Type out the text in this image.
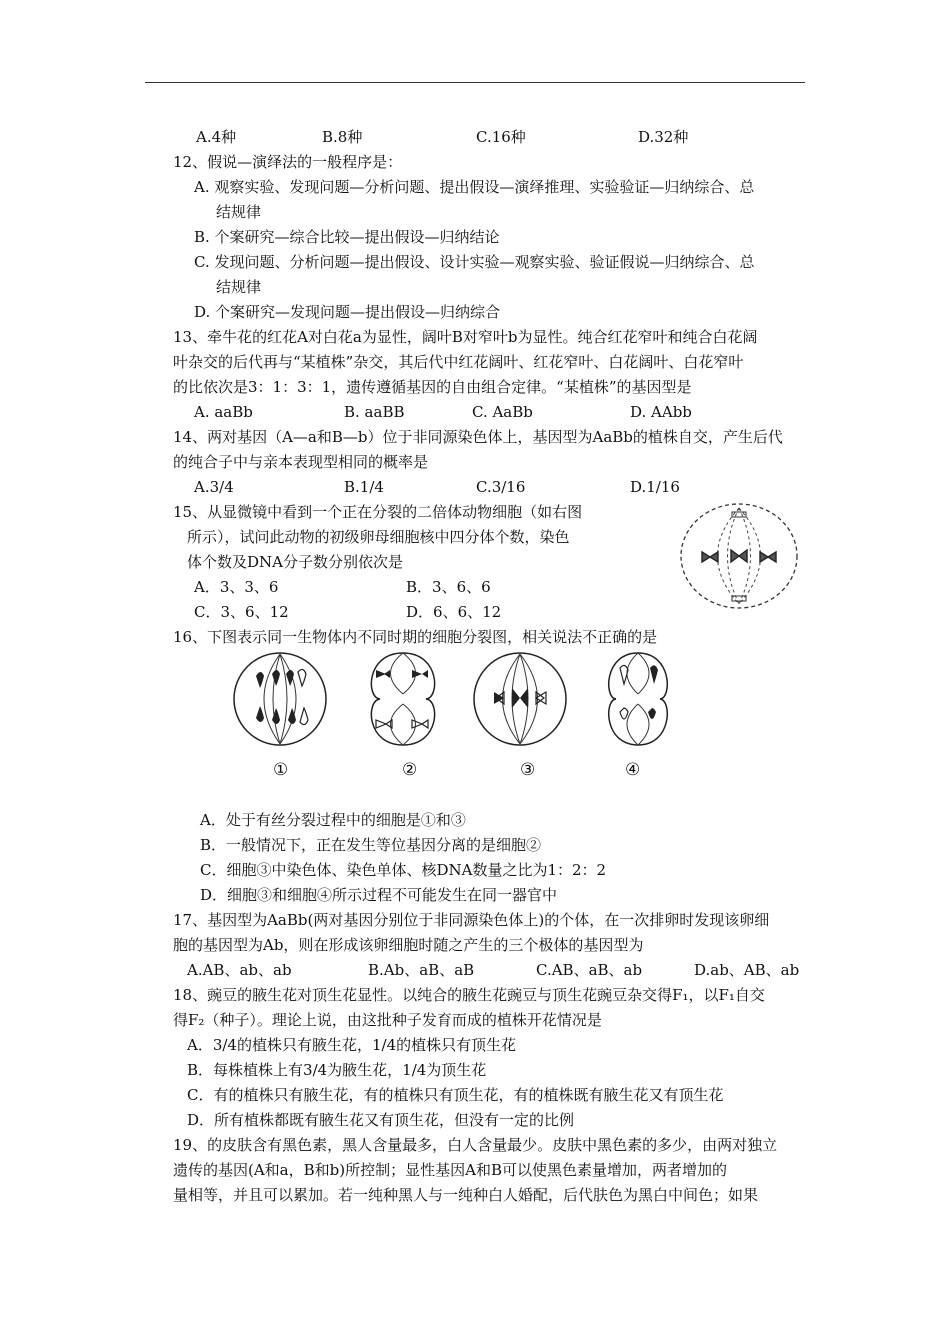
A.4种	B.8种	C.16种	D.32种
12、假说—演绎法的一般程序是：
A. 观察实验、发现问题—分析问题、提出假设—演绎推理、实验验证—归纳综合、总
结规律
B. 个案研究—综合比较—提出假设—归纳结论
C. 发现问题、分析问题—提出假设、设计实验—观察实验、验证假说—归纳综合、总
结规律
D. 个案研究—发现问题—提出假设—归纳综合
13、牵牛花的红花A对白花a为显性，阔叶B对窄叶b为显性。纯合红花窄叶和纯合白花阔
叶杂交的后代再与“某植株”杂交，其后代中红花阔叶、红花窄叶、白花阔叶、白花窄叶
的比依次是3：1：3：1，遗传遵循基因的自由组合定律。“某植株”的基因型是
A. aaBb	B. aaBB	C. AaBb	D. AAbb
14、两对基因（A—a和B—b）位于非同源染色体上，基因型为AaBb的植株自交，产生后代
的纯合子中与亲本表现型相同的概率是
A.3/4	B.1/4	C.3/16	D.1/16
15、从显微镜中看到一个正在分裂的二倍体动物细胞（如右图
所示），试问此动物的初级卵母细胞核中四分体个数，染色
体个数及DNA分子数分别依次是
A．3、3、6	B．3、6、6
C．3、6、12	D．6、6、12
16、下图表示同一生物体内不同时期的细胞分裂图，相关说法不正确的是
①	②	③	④
A．处于有丝分裂过程中的细胞是①和③
B．一般情况下，正在发生等位基因分离的是细胞②
C．细胞③中染色体、染色单体、核DNA数量之比为1：2：2
D．细胞③和细胞④所示过程不可能发生在同一器官中
17、基因型为AaBb(两对基因分别位于非同源染色体上)的个体，在一次排卵时发现该卵细
胞的基因型为Ab，则在形成该卵细胞时随之产生的三个极体的基因型为
A.AB、ab、ab	B.Ab、aB、aB	C.AB、aB、ab	D.ab、AB、ab
18、豌豆的腋生花对顶生花显性。以纯合的腋生花豌豆与顶生花豌豆杂交得F₁，以F₁自交
得F₂（种子）。理论上说，由这批种子发育而成的植株开花情况是
A．3/4的植株只有腋生花，1/4的植株只有顶生花
B．每株植株上有3/4为腋生花，1/4为顶生花
C．有的植株只有腋生花，有的植株只有顶生花，有的植株既有腋生花又有顶生花
D．所有植株都既有腋生花又有顶生花，但没有一定的比例
19、的皮肤含有黑色素，黑人含量最多，白人含量最少。皮肤中黑色素的多少，由两对独立
遗传的基因(A和a，B和b)所控制；显性基因A和B可以使黑色素量增加，两者增加的
量相等，并且可以累加。若一纯种黑人与一纯种白人婚配，后代肤色为黑白中间色；如果
